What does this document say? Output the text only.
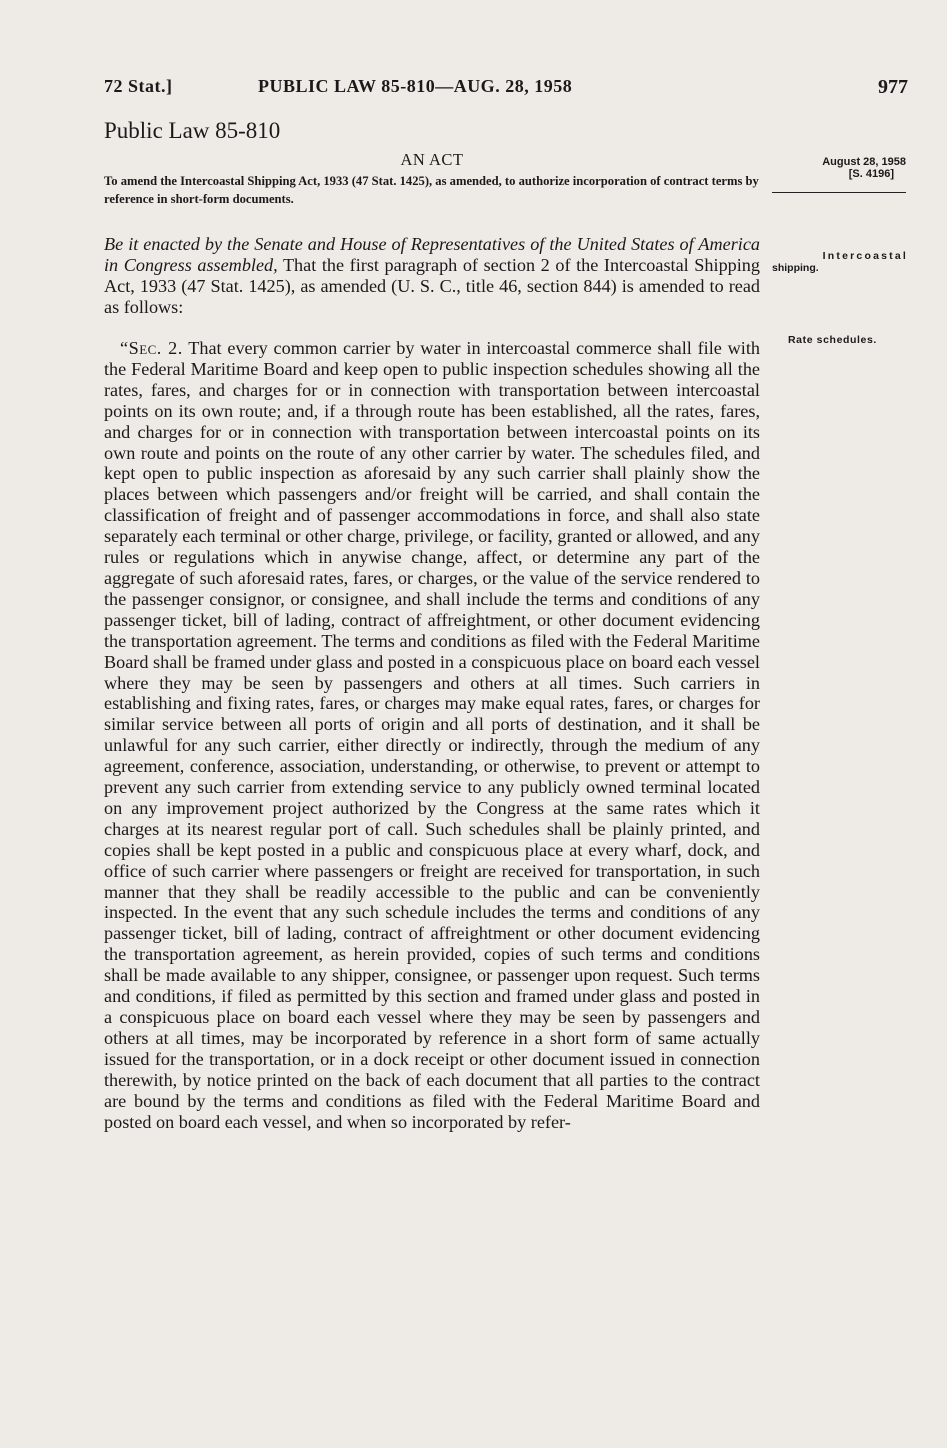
72 Stat.]	PUBLIC LAW 85-810—AUG. 28, 1958	977
Public Law 85-810
AN ACT
To amend the Intercoastal Shipping Act, 1933 (47 Stat. 1425), as amended, to authorize incorporation of contract terms by reference in short-form documents.
August 28, 1958
[S. 4196]
Intercoastal
shipping.
Rate schedules.

Be it enacted by the Senate and House of Representatives of the United States of America in Congress assembled, That the first paragraph of section 2 of the Intercoastal Shipping Act, 1933 (47 Stat. 1425), as amended (U. S. C., title 46, section 844) is amended to read as follows:

“Sec. 2. That every common carrier by water in intercoastal commerce shall file with the Federal Maritime Board and keep open to public inspection schedules showing all the rates, fares, and charges for or in connection with transportation between intercoastal points on its own route; and, if a through route has been established, all the rates, fares, and charges for or in connection with transportation between intercoastal points on its own route and points on the route of any other carrier by water. The schedules filed, and kept open to public inspection as aforesaid by any such carrier shall plainly show the places between which passengers and/or freight will be carried, and shall contain the classification of freight and of passenger accommodations in force, and shall also state separately each terminal or other charge, privilege, or facility, granted or allowed, and any rules or regulations which in anywise change, affect, or determine any part of the aggregate of such aforesaid rates, fares, or charges, or the value of the service rendered to the passenger consignor, or consignee, and shall include the terms and conditions of any passenger ticket, bill of lading, contract of affreightment, or other document evidencing the transportation agreement. The terms and conditions as filed with the Federal Maritime Board shall be framed under glass and posted in a conspicuous place on board each vessel where they may be seen by passengers and others at all times. Such carriers in establishing and fixing rates, fares, or charges may make equal rates, fares, or charges for similar service between all ports of origin and all ports of destination, and it shall be unlawful for any such carrier, either directly or indirectly, through the medium of any agreement, conference, association, understanding, or otherwise, to prevent or attempt to prevent any such carrier from extending service to any publicly owned terminal located on any improvement project authorized by the Congress at the same rates which it charges at its nearest regular port of call. Such schedules shall be plainly printed, and copies shall be kept posted in a public and conspicuous place at every wharf, dock, and office of such carrier where passengers or freight are received for transportation, in such manner that they shall be readily accessible to the public and can be conveniently inspected. In the event that any such schedule includes the terms and conditions of any passenger ticket, bill of lading, contract of affreightment or other document evidencing the transportation agreement, as herein provided, copies of such terms and conditions shall be made available to any shipper, consignee, or passenger upon request. Such terms and conditions, if filed as permitted by this section and framed under glass and posted in a conspicuous place on board each vessel where they may be seen by passengers and others at all times, may be incorporated by reference in a short form of same actually issued for the transportation, or in a dock receipt or other document issued in connection therewith, by notice printed on the back of each document that all parties to the contract are bound by the terms and conditions as filed with the Federal Maritime Board and posted on board each vessel, and when so incorporated by refer-
